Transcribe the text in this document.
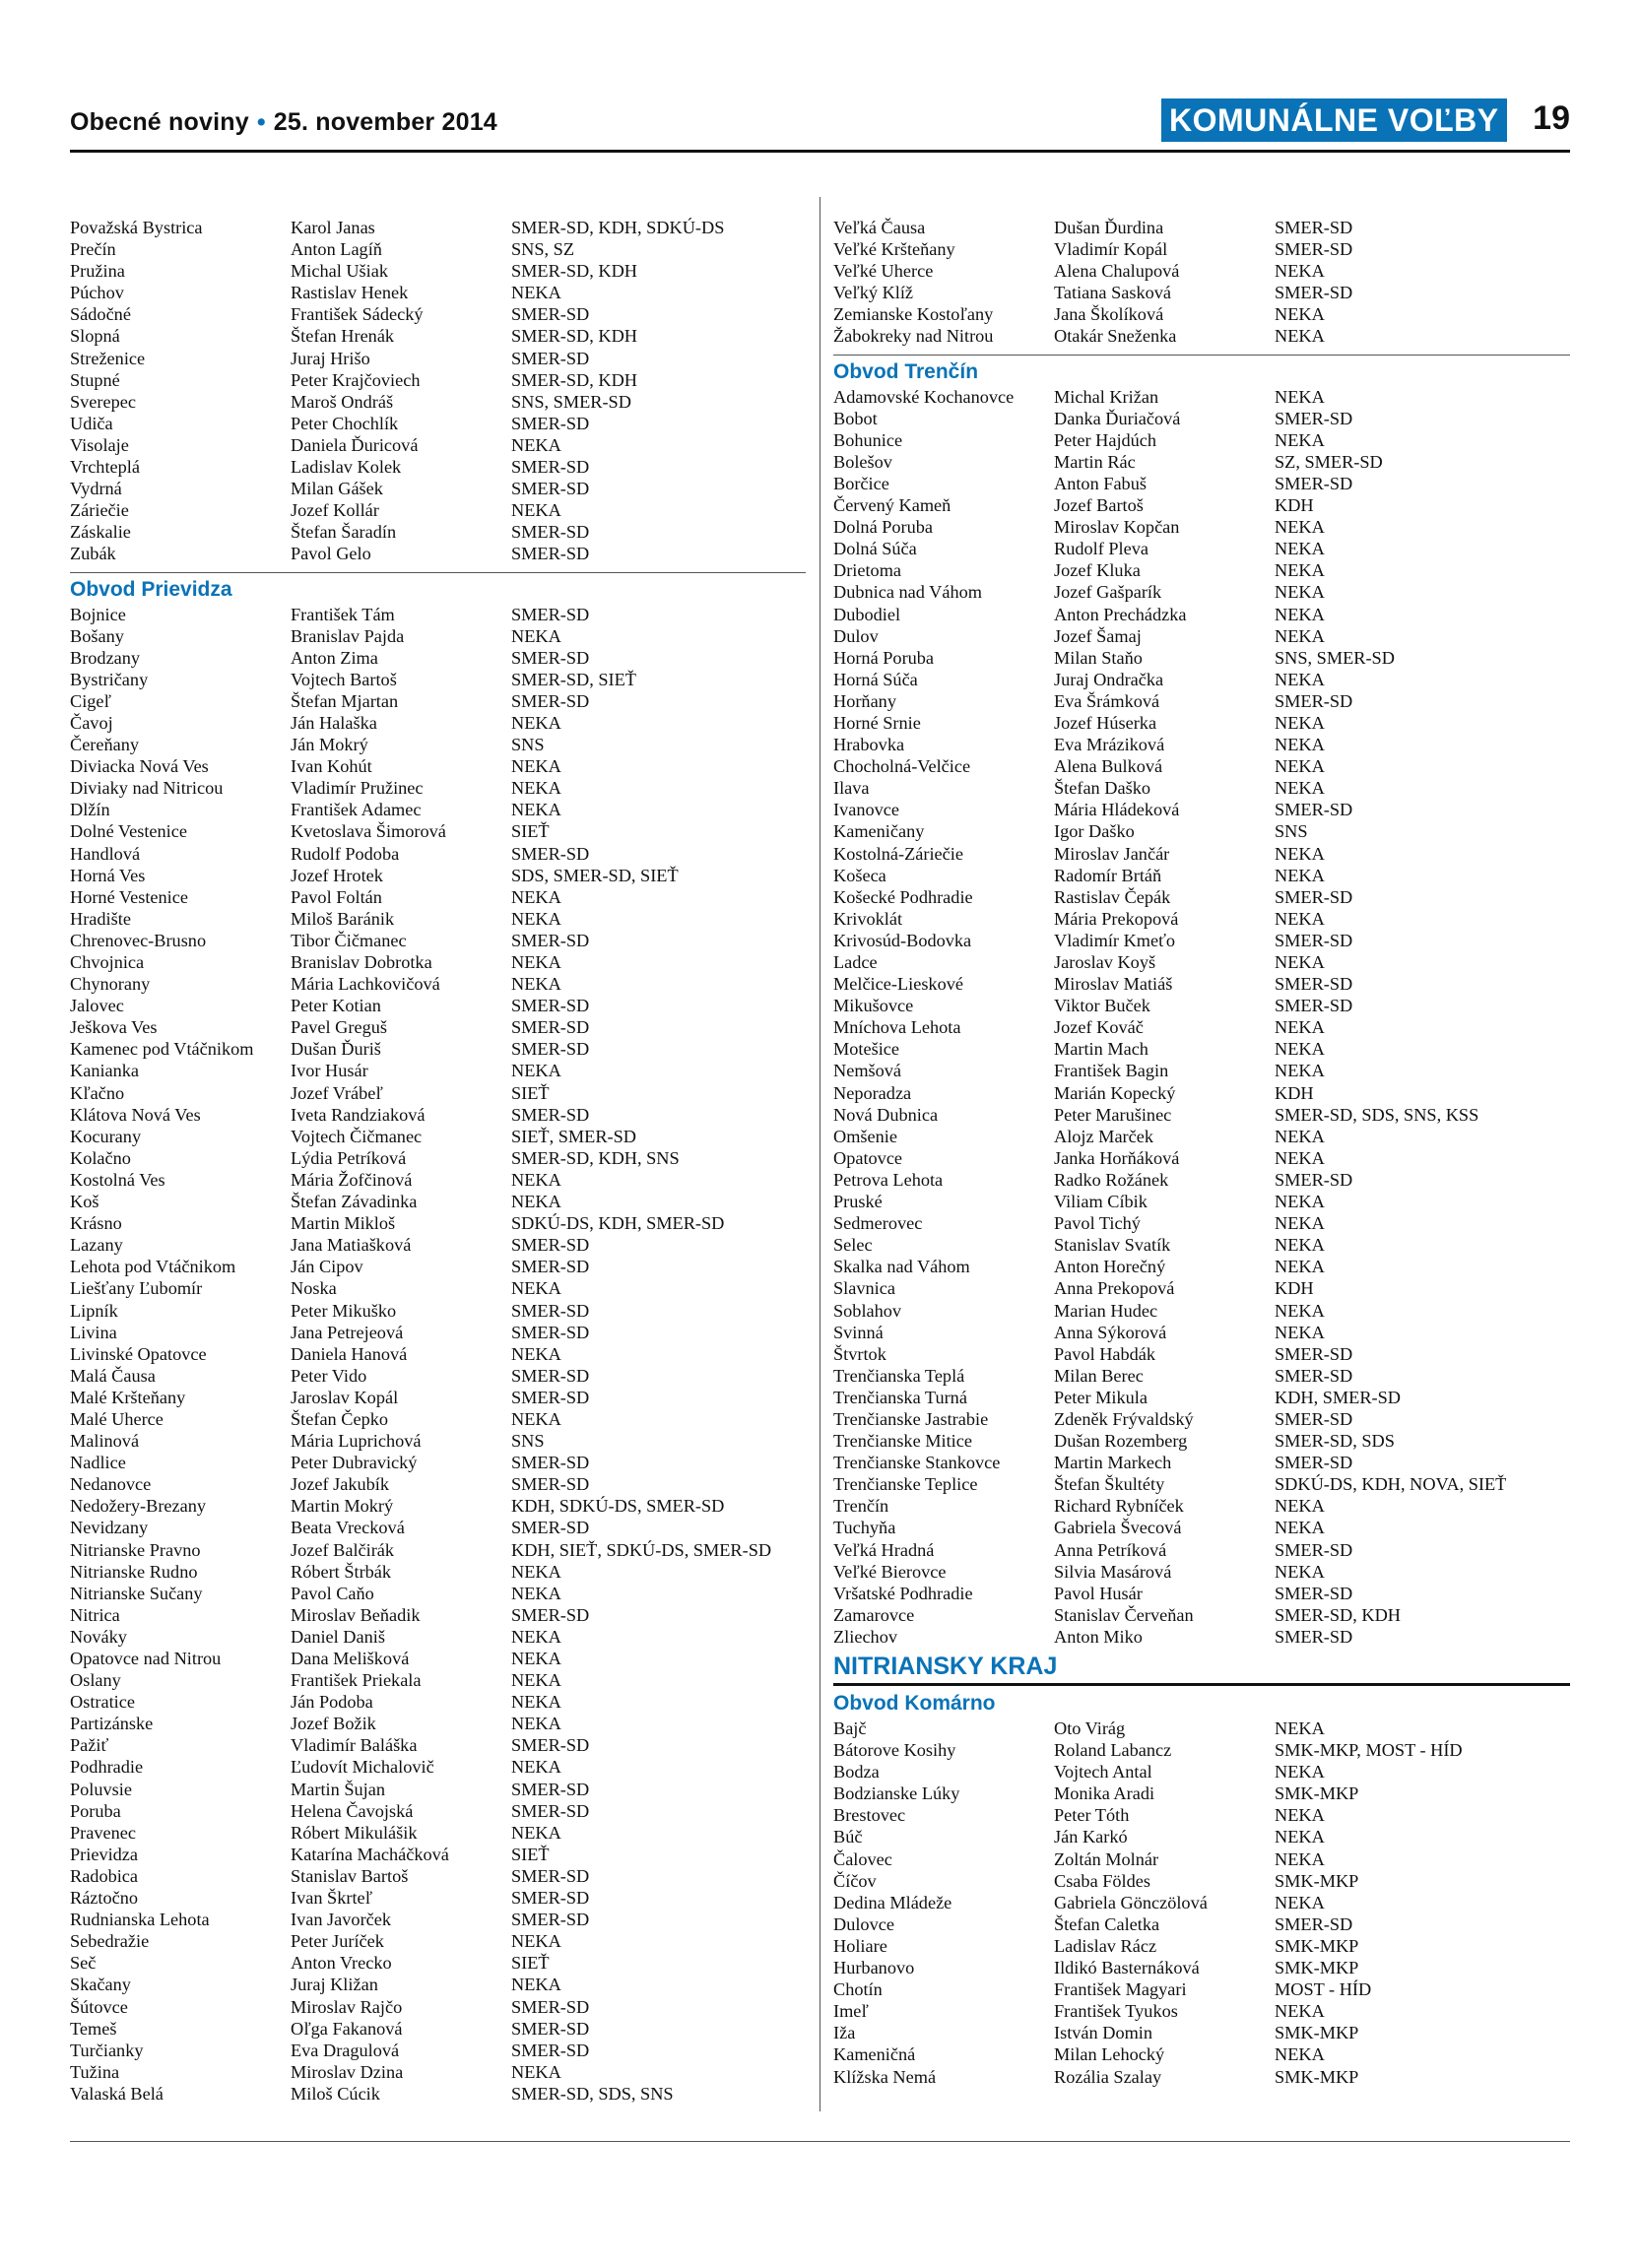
Obecné noviny • 25. november 2014	KOMUNÁLNE VOĽBY 19
Považská Bystrica	Karol Janas	SMER-SD, KDH, SDKÚ-DS
Prečín	Anton Lagíň	SNS, SZ
Pružina	Michal Ušiak	SMER-SD, KDH
Púchov	Rastislav Henek	NEKA
Sádočné	František Sádecký	SMER-SD
Slopná	Štefan Hrenák	SMER-SD, KDH
Streženice	Juraj Hrišo	SMER-SD
Stupné	Peter Krajčoviech	SMER-SD, KDH
Sverepec	Maroš Ondráš	SNS, SMER-SD
Udiča	Peter Chochlík	SMER-SD
Visolaje	Daniela Ďuricová	NEKA
Vrchteplá	Ladislav Kolek	SMER-SD
Vydrná	Milan Gášek	SMER-SD
Záriečie	Jozef Kollár	NEKA
Záskalie	Štefan Šaradín	SMER-SD
Zubák	Pavol Gelo	SMER-SD
Obvod Prievidza
Bojnice	František Tám	SMER-SD
Bošany	Branislav Pajda	NEKA
Brodzany	Anton Zima	SMER-SD
Bystričany	Vojtech Bartoš	SMER-SD, SIEŤ
Cigeľ	Štefan Mjartan	SMER-SD
Čavoj	Ján Halaška	NEKA
Čereňany	Ján Mokrý	SNS
Diviacka Nová Ves	Ivan Kohút	NEKA
Diviaky nad Nitricou	Vladimír Pružinec	NEKA
Dlžín	František Adamec	NEKA
Dolné Vestenice	Kvetoslava Šimorová	SIEŤ
Handlová	Rudolf Podoba	SMER-SD
Horná Ves	Jozef Hrotek	SDS, SMER-SD, SIEŤ
Horné Vestenice	Pavol Foltán	NEKA
Hradište	Miloš Baránik	NEKA
Chrenovec-Brusno	Tibor Čičmanec	SMER-SD
Chvojnica	Branislav Dobrotka	NEKA
Chynorany	Mária Lachkovičová	NEKA
Jalovec	Peter Kotian	SMER-SD
Ješkova Ves	Pavel Greguš	SMER-SD
Kamenec pod Vtáčnikom	Dušan Ďuriš	SMER-SD
Kanianka	Ivor Husár	NEKA
Kľačno	Jozef Vrábeľ	SIEŤ
Klátova Nová Ves	Iveta Randziaková	SMER-SD
Kocurany	Vojtech Čičmanec	SIEŤ, SMER-SD
Kolačno	Lýdia Petríková	SMER-SD, KDH, SNS
Kostolná Ves	Mária Žofčinová	NEKA
Koš	Štefan Závadinka	NEKA
Krásno	Martin Mikloš	SDKÚ-DS, KDH, SMER-SD
Lazany	Jana Matiašková	SMER-SD
Lehota pod Vtáčnikom	Ján Cipov	SMER-SD
Liešťany Ľubomír	Noska	NEKA
Lipník	Peter Mikuško	SMER-SD
Livina	Jana Petrejeová	SMER-SD
Livinské Opatovce	Daniela Hanová	NEKA
Malá Čausa	Peter Vido	SMER-SD
Malé Kršteňany	Jaroslav Kopál	SMER-SD
Malé Uherce	Štefan Čepko	NEKA
Malinová	Mária Luprichová	SNS
Nadlice	Peter Dubravický	SMER-SD
Nedanovce	Jozef Jakubík	SMER-SD
Nedožery-Brezany	Martin Mokrý	KDH, SDKÚ-DS, SMER-SD
Nevidzany	Beata Vrecková	SMER-SD
Nitrianske Pravno	Jozef Balčirák	KDH, SIEŤ, SDKÚ-DS, SMER-SD
Nitrianske Rudno	Róbert Štrbák	NEKA
Nitrianske Sučany	Pavol Caňo	NEKA
Nitrica	Miroslav Beňadik	SMER-SD
Nováky	Daniel Daniš	NEKA
Opatovce nad Nitrou	Dana Melišková	NEKA
Oslany	František Priekala	NEKA
Ostratice	Ján Podoba	NEKA
Partizánske	Jozef Božik	NEKA
Pažiť	Vladimír Baláška	SMER-SD
Podhradie	Ľudovít Michalovič	NEKA
Poluvsie	Martin Šujan	SMER-SD
Poruba	Helena Čavojská	SMER-SD
Pravenec	Róbert Mikulášik	NEKA
Prievidza	Katarína Macháčková	SIEŤ
Radobica	Stanislav Bartoš	SMER-SD
Ráztočno	Ivan Škrteľ	SMER-SD
Rudnianska Lehota	Ivan Javorček	SMER-SD
Sebedražie	Peter Juríček	NEKA
Seč	Anton Vrecko	SIEŤ
Skačany	Juraj Kližan	NEKA
Šútovce	Miroslav Rajčo	SMER-SD
Temeš	Oľga Fakanová	SMER-SD
Turčianky	Eva Dragulová	SMER-SD
Tužina	Miroslav Dzina	NEKA
Valaská Belá	Miloš Cúcik	SMER-SD, SDS, SNS
Veľká Čausa	Dušan Ďurdina	SMER-SD
Veľké Kršteňany	Vladimír Kopál	SMER-SD
Veľké Uherce	Alena Chalupová	NEKA
Veľký Klíž	Tatiana Sasková	SMER-SD
Zemianske Kostoľany	Jana Školíková	NEKA
Žabokreky nad Nitrou	Otakár Sneženka	NEKA
Obvod Trenčín
Adamovské Kochanovce	Michal Križan	NEKA
Bobot	Danka Ďuriačová	SMER-SD
Bohunice	Peter Hajdúch	NEKA
Bolešov	Martin Rác	SZ, SMER-SD
Borčice	Anton Fabuš	SMER-SD
Červený Kameň	Jozef Bartoš	KDH
Dolná Poruba	Miroslav Kopčan	NEKA
Dolná Súča	Rudolf Pleva	NEKA
Drietoma	Jozef Kluka	NEKA
Dubnica nad Váhom	Jozef Gašparík	NEKA
Dubodiel	Anton Prechádzka	NEKA
Dulov	Jozef Šamaj	NEKA
Horná Poruba	Milan Staňo	SNS, SMER-SD
Horná Súča	Juraj Ondračka	NEKA
Horňany	Eva Šrámková	SMER-SD
Horné Srnie	Jozef Húserka	NEKA
Hrabovka	Eva Mráziková	NEKA
Chocholná-Velčice	Alena Bulková	NEKA
Ilava	Štefan Daško	NEKA
Ivanovce	Mária Hládeková	SMER-SD
Kameničany	Igor Daško	SNS
Kostolná-Záriečie	Miroslav Jančár	NEKA
Košeca	Radomír Brtáň	NEKA
Košecké Podhradie	Rastislav Čepák	SMER-SD
Krivoklát	Mária Prekopová	NEKA
Krivosúd-Bodovka	Vladimír Kmeťo	SMER-SD
Ladce	Jaroslav Koyš	NEKA
Melčice-Lieskové	Miroslav Matiáš	SMER-SD
Mikušovce	Viktor Buček	SMER-SD
Mníchova Lehota	Jozef Kováč	NEKA
Motešice	Martin Mach	NEKA
Nemšová	František Bagin	NEKA
Neporadza	Marián Kopecký	KDH
Nová Dubnica	Peter Marušinec	SMER-SD, SDS, SNS, KSS
Omšenie	Alojz Marček	NEKA
Opatovce	Janka Horňáková	NEKA
Petrova Lehota	Radko Rožánek	SMER-SD
Pruské	Viliam Cíbik	NEKA
Sedmerovec	Pavol Tichý	NEKA
Selec	Stanislav Svatík	NEKA
Skalka nad Váhom	Anton Horečný	NEKA
Slavnica	Anna Prekopová	KDH
Soblahov	Marian Hudec	NEKA
Svinná	Anna Sýkorová	NEKA
Štvrtok	Pavol Habdák	SMER-SD
Trenčianska Teplá	Milan Berec	SMER-SD
Trenčianska Turná	Peter Mikula	KDH, SMER-SD
Trenčianske Jastrabie	Zdeněk Frývaldský	SMER-SD
Trenčianske Mitice	Dušan Rozemberg	SMER-SD, SDS
Trenčianske Stankovce	Martin Markech	SMER-SD
Trenčianske Teplice	Štefan Škultéty	SDKÚ-DS, KDH, NOVA, SIEŤ
Trenčín	Richard Rybníček	NEKA
Tuchyňa	Gabriela Švecová	NEKA
Veľká Hradná	Anna Petríková	SMER-SD
Veľké Bierovce	Silvia Masárová	NEKA
Vršatské Podhradie	Pavol Husár	SMER-SD
Zamarovce	Stanislav Červeňan	SMER-SD, KDH
Zliechov	Anton Miko	SMER-SD
NITRIANSKY KRAJ
Obvod Komárno
Bajč	Oto Virág	NEKA
Bátorove Kosihy	Roland Labancz	SMK-MKP, MOST - HÍD
Bodza	Vojtech Antal	NEKA
Bodzianske Lúky	Monika Aradi	SMK-MKP
Brestovec	Peter Tóth	NEKA
Búč	Ján Karkó	NEKA
Čalovec	Zoltán Molnár	NEKA
Číčov	Csaba Földes	SMK-MKP
Dedina Mládeže	Gabriela Gönczölová	NEKA
Dulovce	Štefan Caletka	SMER-SD
Holiare	Ladislav Rácz	SMK-MKP
Hurbanovo	Ildikó Basternáková	SMK-MKP
Chotín	František Magyari	MOST - HÍD
Imeľ	František Tyukos	NEKA
Iža	István Domin	SMK-MKP
Kameničná	Milan Lehocký	NEKA
Klížska Nemá	Rozália Szalay	SMK-MKP
